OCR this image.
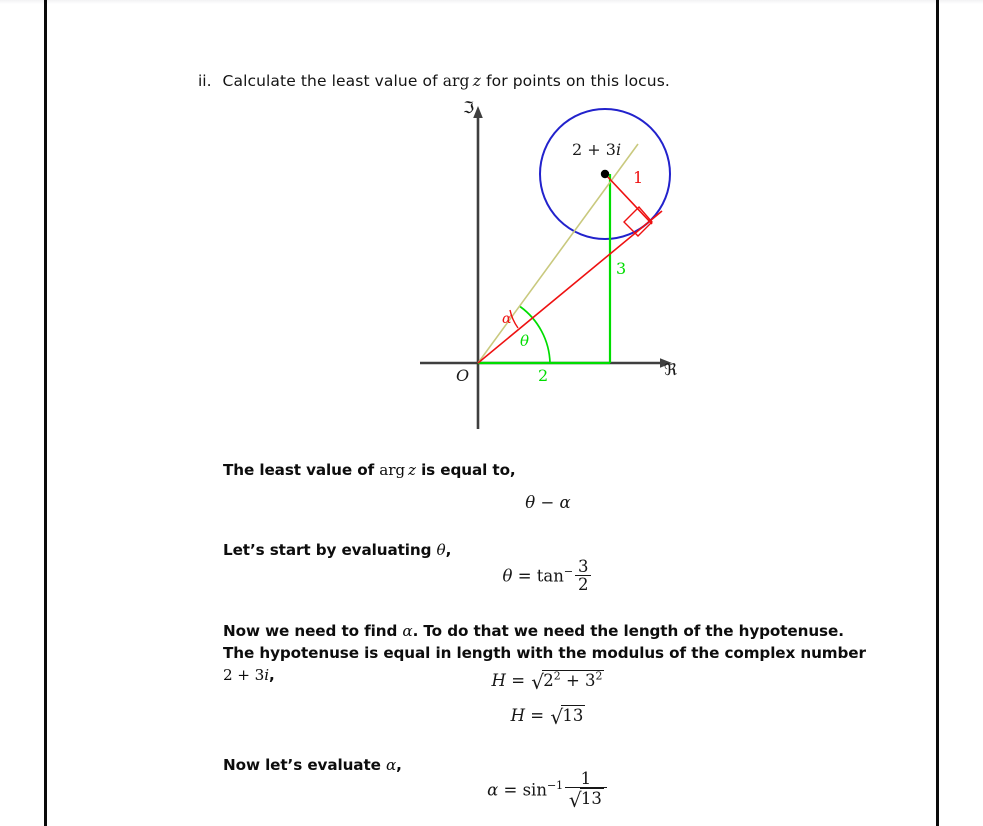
ii. Calculate the least value of arg  z for points on this locus.
ℑ
ℜ
O
2 + 3i
1
3
2
θ
α
The least value of arg  z is equal to,
θ − α
Let’s start by evaluating θ,
$\theta = \tan^- \frac{3}{2}$
Now we need to find α. To do that we need the length of the hypotenuse. The hypotenuse is equal in length with the modulus of the complex number 2 + 3i,	H = √ $2^2 + 3^2$
H = √ 13
Now let’s evaluate α,
$\alpha = \sin^{-1} \frac{1}{√ 13}$
